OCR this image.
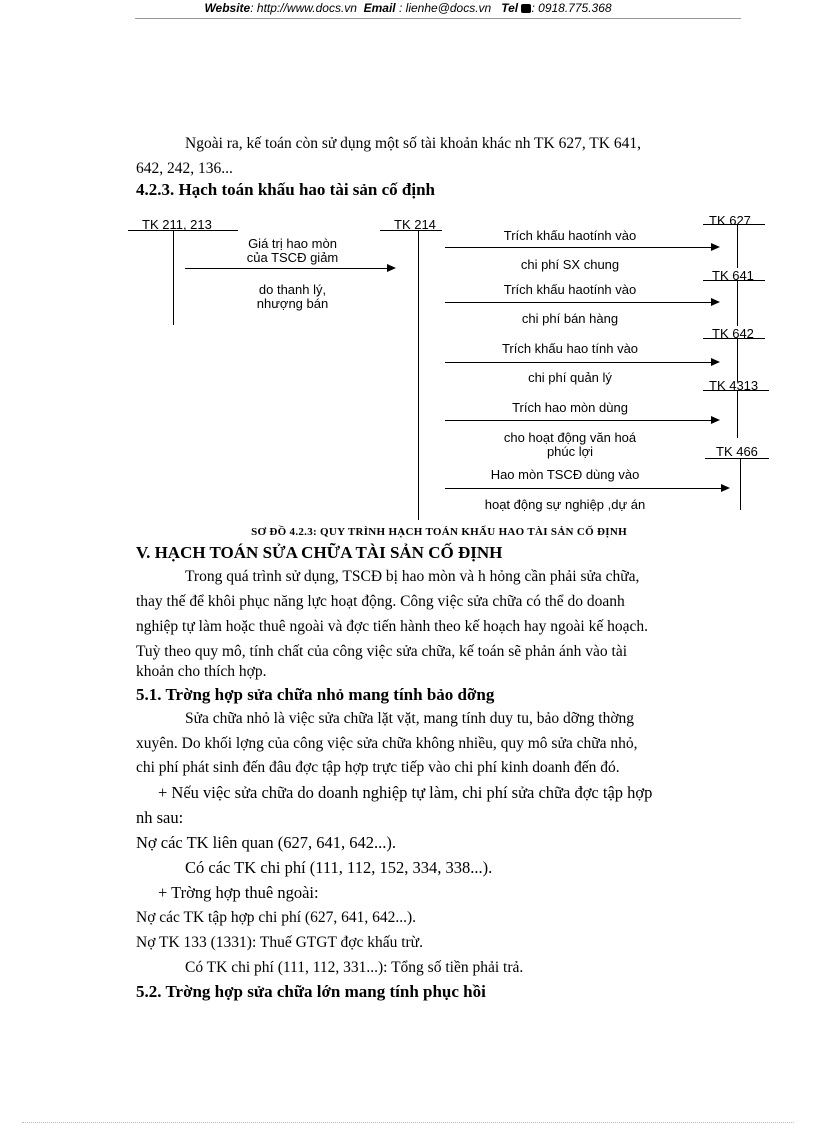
Website: http://www.docs.vn Email : lienhe@docs.vn Tel : 0918.775.368
Ngoài ra, kế toán còn sử dụng một số tài khoản khác nh TK 627, TK 641,
642, 242, 136...
4.2.3. Hạch toán khấu hao tài sản cố định
TK 211, 213	TK 214
Giá trị hao mòn
của TSCĐ giảm
do thanh lý,
nhượng bán
TK 627
TK 641
TK 642
TK 4313
TK 466
Trích khấu haotính vào
chi phí SX chung
Trích khấu haotính vào
chi phí bán hàng
Trích khấu hao tính vào
chi phí quản lý
Trích hao mòn dùng
cho hoạt động văn hoá
phúc lợi
Hao mòn TSCĐ dùng vào
hoạt động sự nghiệp ,dự án
SƠ ĐỒ 4.2.3: QUY TRÌNH HẠCH TOÁN KHẤU HAO TÀI SẢN CỐ ĐỊNH
V. HẠCH TOÁN SỬA CHỮA TÀI SẢN CỐ ĐỊNH
Trong quá trình sử dụng, TSCĐ bị hao mòn và h hỏng cần phải sửa chữa,
thay thế để khôi phục năng lực hoạt động. Công việc sửa chữa có thể do doanh
nghiệp tự làm hoặc thuê ngoài và đợc tiến hành theo kế hoạch hay ngoài kế hoạch.
Tuỳ theo quy mô, tính chất của công việc sửa chữa, kế toán sẽ phản ánh vào tài
khoản cho thích hợp.
5.1. Trờng hợp sửa chữa nhỏ mang tính bảo dỡng
Sửa chữa nhỏ là việc sửa chữa lặt vặt, mang tính duy tu, bảo dỡng thờng
xuyên. Do khối lợng của công việc sửa chữa không nhiều, quy mô sửa chữa nhỏ,
chi phí phát sinh đến đâu đợc tập hợp trực tiếp vào chi phí kinh doanh đến đó.
+ Nếu việc sửa chữa do doanh nghiệp tự làm, chi phí sửa chữa đợc tập hợp
nh sau:
Nợ các TK liên quan (627, 641, 642...).
Có các TK chi phí (111, 112, 152, 334, 338...).
+ Trờng hợp thuê ngoài:
Nợ các TK tập hợp chi phí (627, 641, 642...).
Nợ TK 133 (1331): Thuế GTGT đợc khấu trừ.
Có TK chi phí (111, 112, 331...): Tổng số tiền phải trả.
5.2. Trờng hợp sửa chữa lớn mang tính phục hồi
